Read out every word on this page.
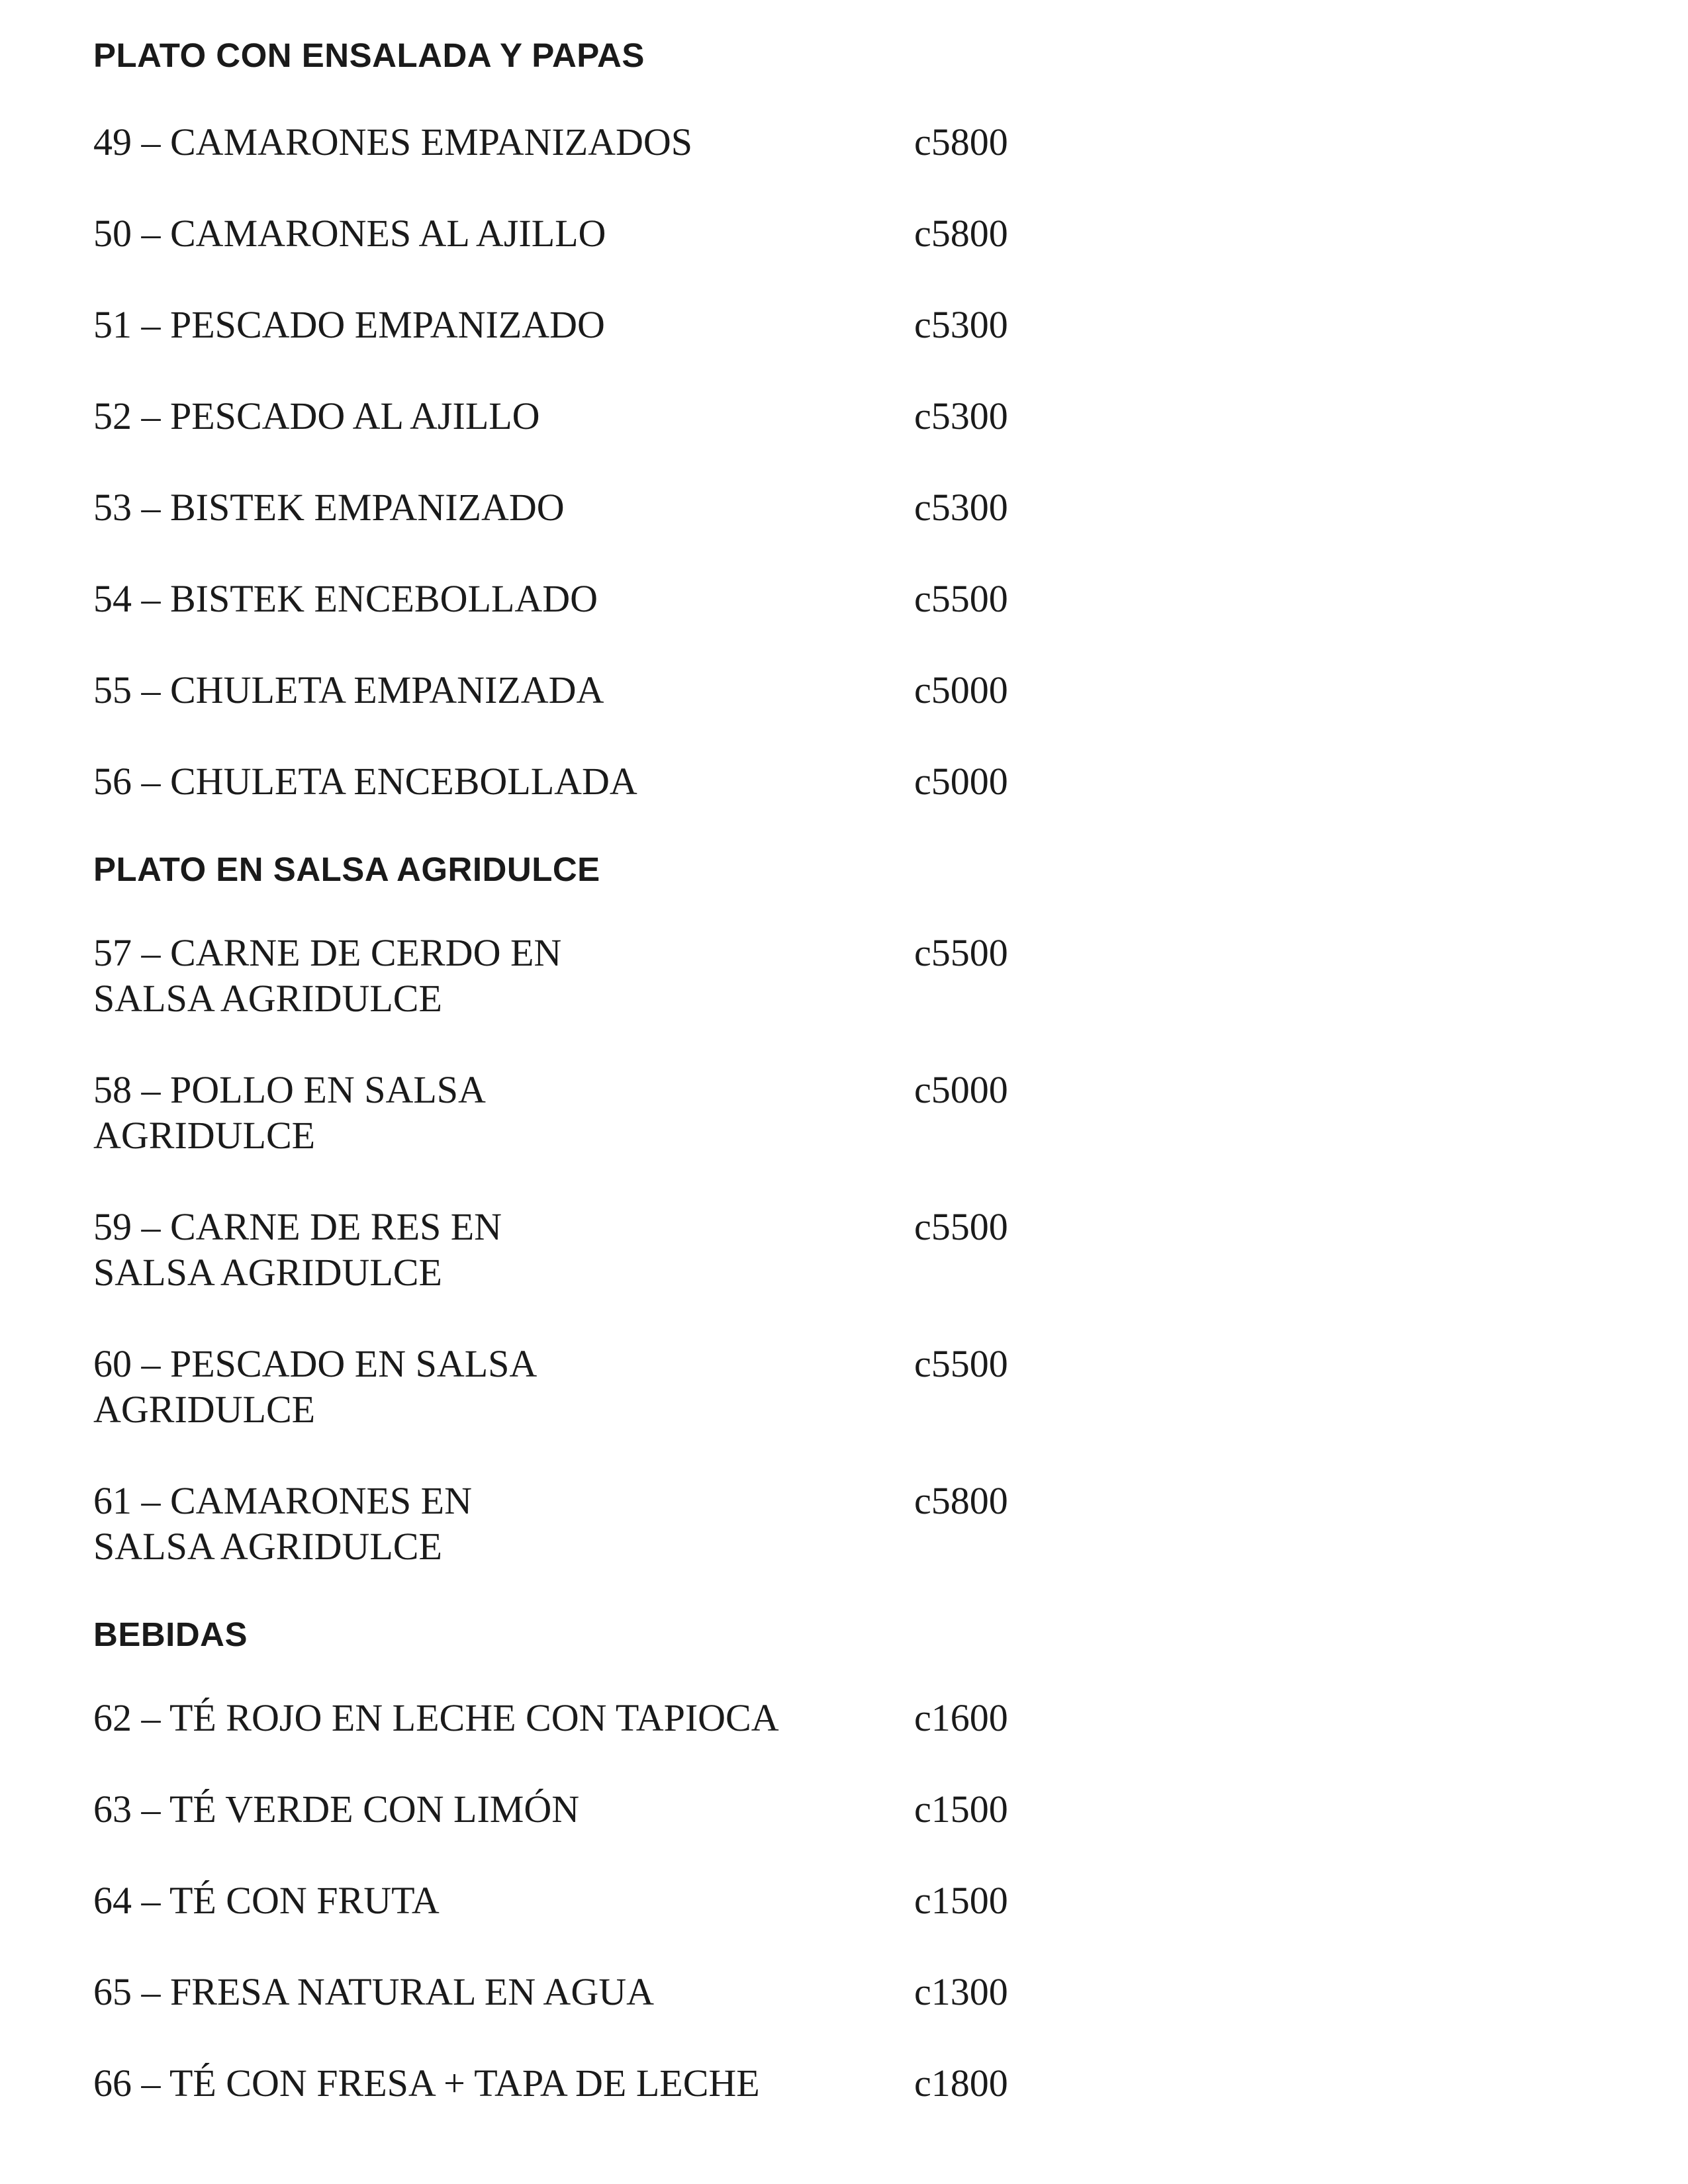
PLATO CON ENSALADA Y PAPAS
49 – CAMARONES EMPANIZADOS	c5800
50 – CAMARONES AL AJILLO	c5800
51 – PESCADO EMPANIZADO	c5300
52 – PESCADO AL AJILLO	c5300
53 – BISTEK EMPANIZADO	c5300
54 – BISTEK ENCEBOLLADO	c5500
55 – CHULETA EMPANIZADA	c5000
56 – CHULETA ENCEBOLLADA	c5000
PLATO EN SALSA AGRIDULCE
57 – CARNE DE CERDO EN
SALSA AGRIDULCE
c5500
58 – POLLO EN SALSA
AGRIDULCE
c5000
59 – CARNE DE RES EN
SALSA AGRIDULCE
c5500
60 – PESCADO EN SALSA
AGRIDULCE
c5500
61 – CAMARONES EN
SALSA AGRIDULCE
c5800
BEBIDAS
62 – TÉ ROJO EN LECHE CON TAPIOCA	c1600
63 – TÉ VERDE CON LIMÓN	c1500
64 – TÉ CON FRUTA	c1500
65 – FRESA NATURAL EN AGUA	c1300
66 – TÉ CON FRESA + TAPA DE LECHE	c1800
